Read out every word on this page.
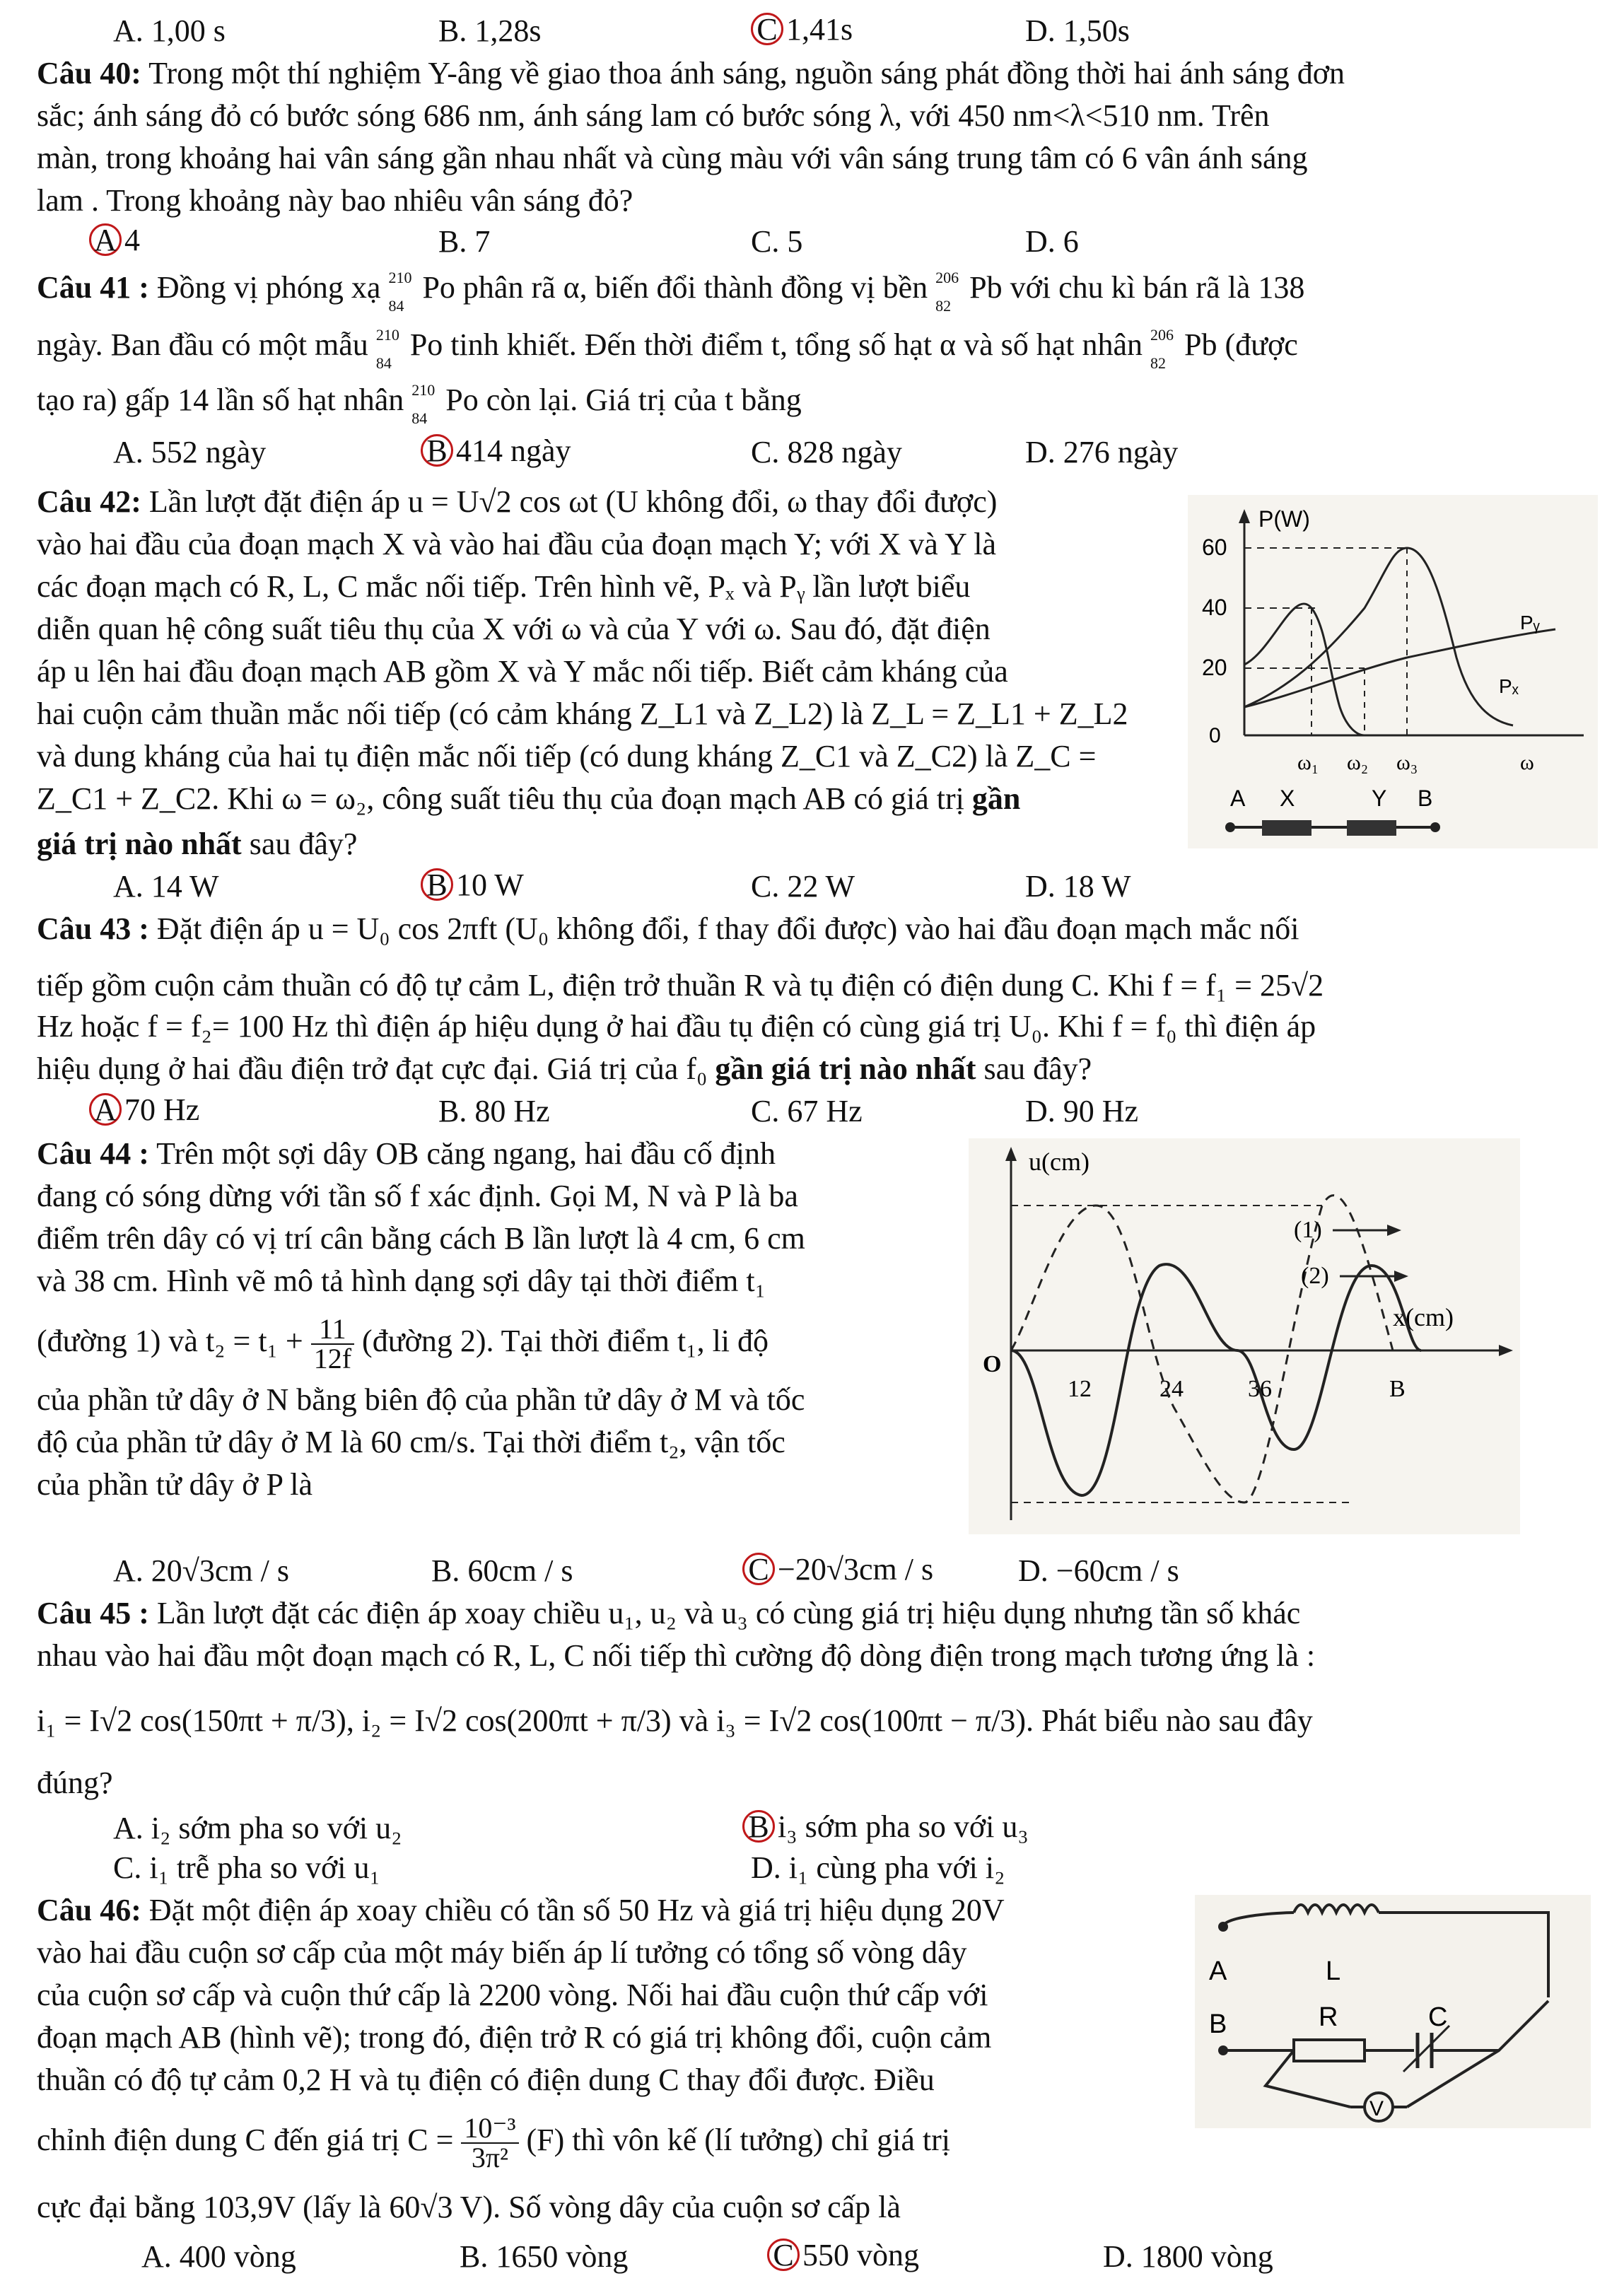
A. 1,00 s	B. 1,28s	C 1,41s	D. 1,50s
Câu 40: Trong một thí nghiệm Y-âng về giao thoa ánh sáng, nguồn sáng phát đồng thời hai ánh sáng đơn
sắc; ánh sáng đỏ có bước sóng 686 nm, ánh sáng lam có bước sóng λ, với 450 nm<λ<510 nm. Trên
màn, trong khoảng hai vân sáng gần nhau nhất và cùng màu với vân sáng trung tâm có 6 vân ánh sáng
lam . Trong khoảng này bao nhiêu vân sáng đỏ?
A 4	B. 7	C. 5	D. 6
Câu 41 : Đồng vị phóng xạ 210
84
Po phân rã α, biến đổi thành đồng vị bền 206
82
Pb với chu kì bán rã là 138
ngày. Ban đầu có một mẫu 210
84
Po tinh khiết. Đến thời điểm t, tổng số hạt α và số hạt nhân 206
82
Pb (được
tạo ra) gấp 14 lần số hạt nhân 210
84
Po còn lại. Giá trị của t bằng
A. 552 ngày	B 414 ngày	C. 828 ngày	D. 276 ngày
Câu 42: Lần lượt đặt điện áp u = U√2 cos ωt (U không đổi, ω thay đổi được)
vào hai đầu của đoạn mạch X và vào hai đầu của đoạn mạch Y; với X và Y là
các đoạn mạch có R, L, C mắc nối tiếp. Trên hình vẽ, Pₓ và Pᵧ lần lượt biểu
diễn quan hệ công suất tiêu thụ của X với ω và của Y với ω. Sau đó, đặt điện
áp u lên hai đầu đoạn mạch AB gồm X và Y mắc nối tiếp. Biết cảm kháng của
hai cuộn cảm thuần mắc nối tiếp (có cảm kháng Z_L1 và Z_L2) là Z_L = Z_L1 + Z_L2
và dung kháng của hai tụ điện mắc nối tiếp (có dung kháng Z_C1 và Z_C2) là Z_C =
Z_C1 + Z_C2. Khi ω = ω₂, công suất tiêu thụ của đoạn mạch AB có giá trị gần
giá trị nào nhất sau đây?
A. 14 W	B 10 W	C. 22 W	D. 18 W
P(W)
60
40
20
0
ω₁ ω₂ ω₃	ω
Pᵧ
Pₓ
A X	Y B
Câu 43 : Đặt điện áp u = U₀ cos 2πft (U₀ không đổi, f thay đổi được) vào hai đầu đoạn mạch mắc nối
tiếp gồm cuộn cảm thuần có độ tự cảm L, điện trở thuần R và tụ điện có điện dung C. Khi f = f₁ = 25√2
Hz hoặc f = f₂= 100 Hz thì điện áp hiệu dụng ở hai đầu tụ điện có cùng giá trị U₀. Khi f = f₀ thì điện áp
hiệu dụng ở hai đầu điện trở đạt cực đại. Giá trị của f₀ gần giá trị nào nhất sau đây?
A 70 Hz	B. 80 Hz	C. 67 Hz	D. 90 Hz
Câu 44 : Trên một sợi dây OB căng ngang, hai đầu cố định
đang có sóng dừng với tần số f xác định. Gọi M, N và P là ba
điểm trên dây có vị trí cân bằng cách B lần lượt là 4 cm, 6 cm
và 38 cm. Hình vẽ mô tả hình dạng sợi dây tại thời điểm t₁
(đường 1) và $t_2 = t_1 + \frac{11}{12f}$ (đường 2). Tại thời điểm t₁, li độ
của phần tử dây ở N bằng biên độ của phần tử dây ở M và tốc
độ của phần tử dây ở M là 60 cm/s. Tại thời điểm t₂, vận tốc
của phần tử dây ở P là
A. 20√3cm / s	B. 60cm / s	C −20√3cm / s	D. −60cm / s
u(cm)
x(cm)
O
12	24	36	B
(1)
(2)
Câu 45 : Lần lượt đặt các điện áp xoay chiều u₁, u₂ và u₃ có cùng giá trị hiệu dụng nhưng tần số khác
nhau vào hai đầu một đoạn mạch có R, L, C nối tiếp thì cường độ dòng điện trong mạch tương ứng là :
i₁ = I√2 cos(150πt + π/3), i₂ = I√2 cos(200πt + π/3) và i₃ = I√2 cos(100πt − π/3). Phát biểu nào sau đây
đúng?
A. i₂ sớm pha so với u₂	B i₃ sớm pha so với u₃
C. i₁ trễ pha so với u₁	D. i₁ cùng pha với i₂
Câu 46: Đặt một điện áp xoay chiều có tần số 50 Hz và giá trị hiệu dụng 20V
vào hai đầu cuộn sơ cấp của một máy biến áp lí tưởng có tổng số vòng dây
của cuộn sơ cấp và cuộn thứ cấp là 2200 vòng. Nối hai đầu cuộn thứ cấp với
đoạn mạch AB (hình vẽ); trong đó, điện trở R có giá trị không đổi, cuộn cảm
thuần có độ tự cảm 0,2 H và tụ điện có điện dung C thay đổi được. Điều
chỉnh điện dung C đến giá trị $C = \frac{\text{10⁻³}}{\text{3π²}} (F)$ thì vôn kế (lí tưởng) chỉ giá trị
cực đại bằng 103,9V (lấy là 60√3 V). Số vòng dây của cuộn sơ cấp là
A. 400 vòng	B. 1650 vòng	C 550 vòng	D. 1800 vòng
A	L
B	R	C
V
